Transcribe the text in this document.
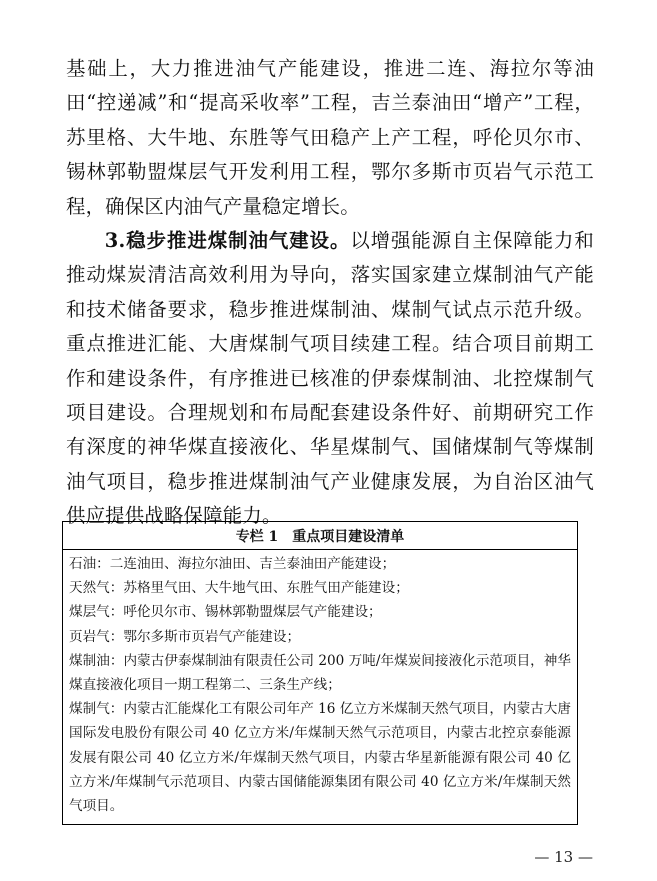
基础上，大力推进油气产能建设，推进二连、海拉尔等油田“控递减”和“提高采收率”工程，吉兰泰油田“增产”工程，苏里格、大牛地、东胜等气田稳产上产工程，呼伦贝尔市、锡林郭勒盟煤层气开发利用工程，鄂尔多斯市页岩气示范工程，确保区内油气产量稳定增长。

3.稳步推进煤制油气建设。以增强能源自主保障能力和推动煤炭清洁高效利用为导向，落实国家建立煤制油气产能和技术储备要求，稳步推进煤制油、煤制气试点示范升级。重点推进汇能、大唐煤制气项目续建工程。结合项目前期工作和建设条件，有序推进已核准的伊泰煤制油、北控煤制气项目建设。合理规划和布局配套建设条件好、前期研究工作有深度的神华煤直接液化、华星煤制气、国储煤制气等煤制油气项目，稳步推进煤制油气产业健康发展，为自治区油气供应提供战略保障能力。

专栏 1　重点项目建设清单
石油：二连油田、海拉尔油田、吉兰泰油田产能建设；
天然气：苏格里气田、大牛地气田、东胜气田产能建设；
煤层气：呼伦贝尔市、锡林郭勒盟煤层气产能建设；
页岩气：鄂尔多斯市页岩气产能建设；
煤制油：内蒙古伊泰煤制油有限责任公司 200 万吨/年煤炭间接液化示范项目，神华煤直接液化项目一期工程第二、三条生产线；
煤制气：内蒙古汇能煤化工有限公司年产 16 亿立方米煤制天然气项目，内蒙古大唐国际发电股份有限公司 40 亿立方米/年煤制天然气示范项目，内蒙古北控京泰能源发展有限公司 40 亿立方米/年煤制天然气项目，内蒙古华星新能源有限公司 40 亿立方米/年煤制气示范项目、内蒙古国储能源集团有限公司 40 亿立方米/年煤制天然气项目。
— 13 —
